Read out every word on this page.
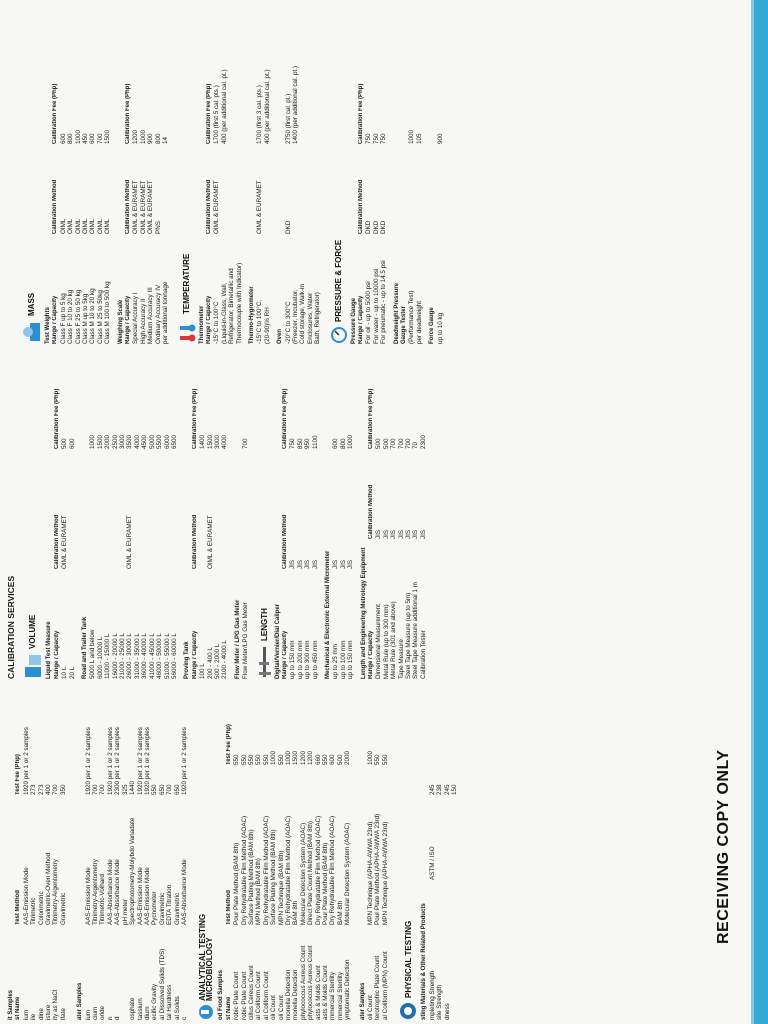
it Samples st Name
Test Method
Test Fee (Php)
ium
AAS-Emission Mode
1920 per 1 or 2 samples
ile
Titrimetric
273
dine
Colorimetric
273
isture
Gravimetric-Oven Method
400
ity as NaCl
Titrimetry-Argentometry
700
lfate
Gravimetric
350
ater Samples ium
AAS-Emission Mode
1920 per 1 or 2 samples
cium
Titrimetry-Argentometry
700
oride
Titrimetric-Volhard
700
n
AAS-Absorbance Mode
1920 per 1 or 2 samples
d
AAS-Absorbance Mode
2300 per 1 or 2 samples
pH meter
325
osphate
Spectrophotometry-Molybdo Vanadate
1440
tassium
AAS-Emission Mode
1920 per 1 or 2 samples
dium
AAS-Emission Mode
1920 per 1 or 2 samples
ecific Gravity
Pycnometer
550
al Dissolved Solids (TDS)
Gravimetric
650
tal Hardness
EDTA Titration
700
al Solids
Gravimetric
650
c
AAS-Absorbance Mode
1920 per 1 or 2 samples
ANALYTICAL TESTING
MICROBIOLOGY od Food Samples st Name
Test Method
Test Fee (Php)
robic Plate Count
Pour Plate Method (BAM 8th)
550
robic Plate Count
Dry Rehydratable Film Method (AOAC)
550
cillus Cereus Count
Surface Plating Method (BAM 8th)
550
al Coliform Count
MPN Method (BAM 8th)
550
al Coliform Count
Dry Rehydratable Film Method (AOAC)
550
oli Count
Surface Plating Method (BAM 8th)
1000
oli Count
MPN Technique (BAM 8th)
550
monella Detection
Dry Rehydratable Film Method (AOAC)
1000
monella Detection
BAM 8th
1500
phylococcus Aureus Count
Molecular Detection System (AOAC)
1200
phylococcus Aureus Count
Direct Plate Count Method (BAM 8th)
1200
asts & Molds Count
Dry Rehydratable Film Method (AOAC)
660
asts & Molds Count
Pour Plate Method (BAM 8th)
550
mmercial Sterility
Dry Rehydratable Film Method (AOAC)
600
mmercial Sterility
BAM 8th
500
ymptomatic Detection
Molecular Detection System (AOAC)
2000
ater Samples oli Count
MPN Technique (APHA-AWWA 23rd)
1000
terotrophic Plate Count
Pour Plate Method (APHA-AWWA 23rd)
550
al Coliform (MPN) Count
MPN Technique (APHA-AWWA 23rd)
550
PHYSICAL TESTING sting Materials & Other Related Products mpleting Strength
ASTM / ISO
245
sile Strength
238
dness
245 150
CALIBRATION SERVICES VOLUME Liquid Test Measure Range / Capacity
Calibration Method
Calibration Fee (Php)
10 L
OIML & EURAMET
500
20 L
600
Road and Trailer Tank 5000 L and below
1000
6000 - 10000 L
1500
11000 - 15000 L
2000
16000 - 20000 L
2500
21000 - 25000 L
3000
26000 - 30000 L
OIML & EURAMET
3500
31000 - 35000 L
4000
36000 - 40000 L
4500
41000 - 45000 L
5000
46000 - 50000 L
5500
51000 - 55000 L
6000
56000 - 60000 L
6500
Proving Tank Range / Capacity
Calibration Method
Calibration Fee (Php)
100 L
1400
200 - 400 L
OIML & EURAMET
1500
500 - 2000 L
3000
2100 - 4000 L
4000
Flow Meter / LPG Gas Meter Flow Meter/LPG Gas Meter
700
LENGTH Digital/Vernier/Dial Caliper Range / Capacity
Calibration Method
Calibration Fee (Php)
up to 150 mm
JIS
750
up to 200 mm
JIS
850
up to 300 mm
JIS
950
up to 450 mm
JIS
1100
Mechanical & Electronic External Micrometer up to 25 mm
JIS
600
up to 100 mm
JIS
800
up to 150 mm
JIS
1000
Length and Engineering Metrology Equipment Range / Capacity
Calibration Method
Calibration Fee (Php)
Dimensional Measurement
JIS
500
Metal Rule (up to 300 mm)
JIS
500
Metal Rule (301 and above)
JIS
700
Tape Measure
JIS
700
Steel Tape Measure (up to 5m)
JIS
700
Steel Tape Measure additional 1 m
JIS
70
Calibration Tester
JIS
2300
MASS
Test Weights Range / Capacity
Calibration Method
Calibration Fee (Php)
Class F up to 5 kg
OIML
600
Class F 10 to 20 kg
OIML
800
Class F 25 to 50 kg
OIML
1000
Class M up to 5kg
OIML
450
Class M 10 to 20 kg
OIML
600
Class M 25 to 50kg
OIML
700
Class M 100 to 500 kg
OIML
1500
Weighing Scale Range / Capacity
Calibration Method
Calibration Fee (Php)
Special Accuracy I
OIML & EURAMET
1200
High Accuracy II
OIML & EURAMET
1000
Medium Accuracy III
OIML & EURAMET
900
Ordinary Accuracy IV
PNS
800
per additional tonnage
14
TEMPERATURE
Thermometer Range / Capacity
Calibration Method
Calibration Fee (Php)
-15°C to 100°C (Liquid-in-Glass, Wall, Refrigerator, Bimetallic and Thermocouple with Indicator)
OIML & EURAMET
1700 (first 5 cal. pts.) 400 (per additional cal. pt.)
Thermo-Hygrometer -15°C to 100°C, (20-90)% RH
OIML & EURAMET
1700 (first 3 cal. pts.) 400 (per additional cal. pt.)
Oven -20°C to 300°C (Freezer, Incubator, Cold storage, Walk-in Enclosures, Water Bath, Refrigerator)
DKD
2750 (first cal. pt.) 1400 (per additional cal. pt.)
PRESSURE & FORCE Pressure Gauge Range / Capacity
Calibration Method
Calibration Fee (Php)
For oil - up to 5000 psi
DKD
750
For water - up to 10000 psi
DKD
750
For pneumatic - up to 14.5 psi
DKD
750
Deadweight Pressure Gauge Tester (Performance Test)
1000
per deadweight
105
Force Gauge up to 10 kg
900
RECEIVING COPY ONLY
